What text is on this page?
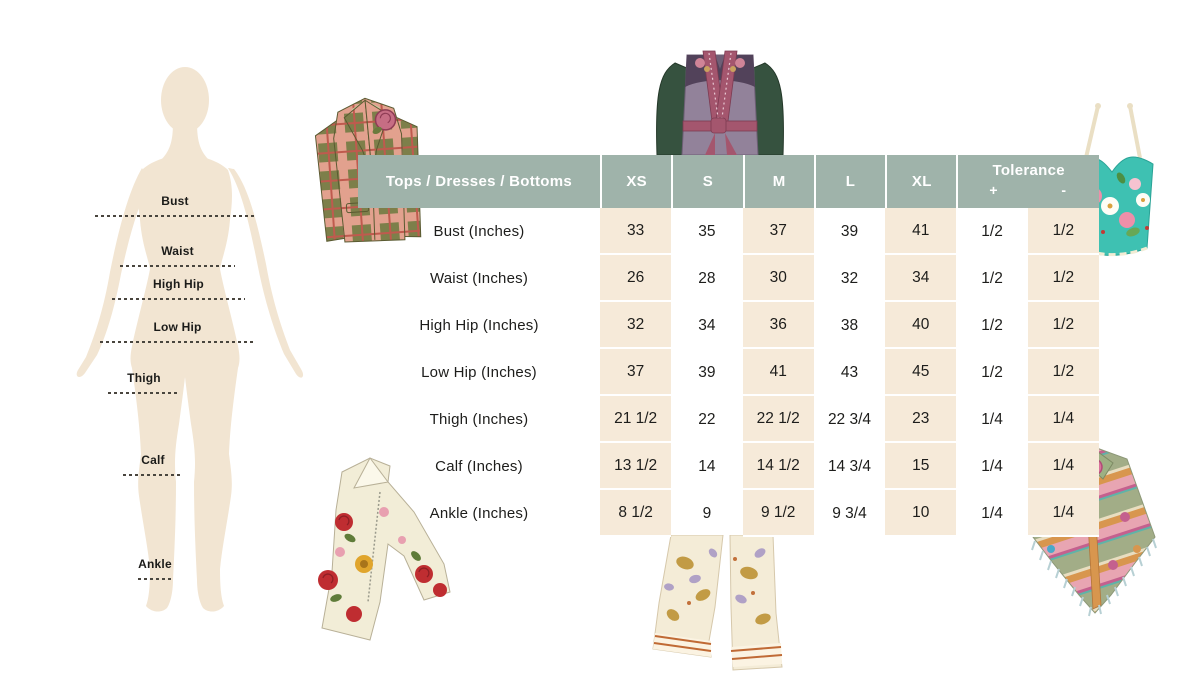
Bust
Waist
High Hip
Low Hip
Thigh
Calf
Ankle
Tops / Dresses / Bottoms	XS	S	M	L	XL
Tolerance
+	-
Bust (Inches)	33	35	37	39	41	1/2	1/2
Waist (Inches)	26	28	30	32	34	1/2	1/2
High Hip (Inches)	32	34	36	38	40	1/2	1/2
Low Hip (Inches)	37	39	41	43	45	1/2	1/2
Thigh (Inches)	21 1/2	22	22 1/2	22 3/4	23	1/4	1/4
Calf (Inches)	13 1/2	14	14 1/2	14 3/4	15	1/4	1/4
Ankle (Inches)	8 1/2	9	9 1/2	9 3/4	10	1/4	1/4
